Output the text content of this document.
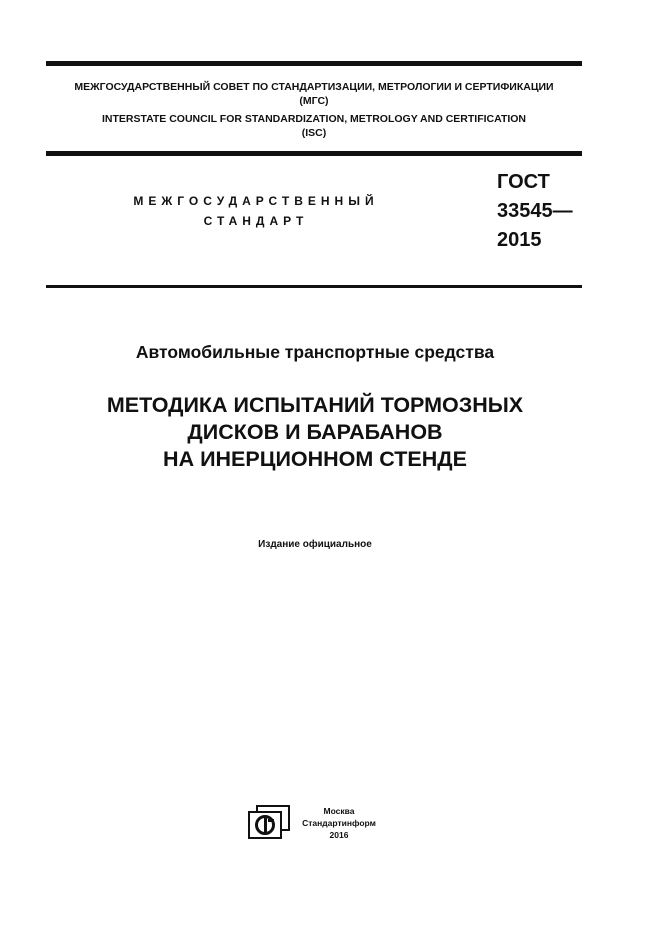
МЕЖГОСУДАРСТВЕННЫЙ СОВЕТ ПО СТАНДАРТИЗАЦИИ, МЕТРОЛОГИИ И СЕРТИФИКАЦИИ
(МГС)
INTERSTATE COUNCIL FOR STANDARDIZATION, METROLOGY AND CERTIFICATION
(ISC)
МЕЖГОСУДАРСТВЕННЫЙ
СТАНДАРТ
ГОСТ
33545—
2015
Автомобильные транспортные средства
МЕТОДИКА ИСПЫТАНИЙ ТОРМОЗНЫХ
ДИСКОВ И БАРАБАНОВ
НА ИНЕРЦИОННОМ СТЕНДЕ
Издание официальное
Москва
Стандартинформ
2016
